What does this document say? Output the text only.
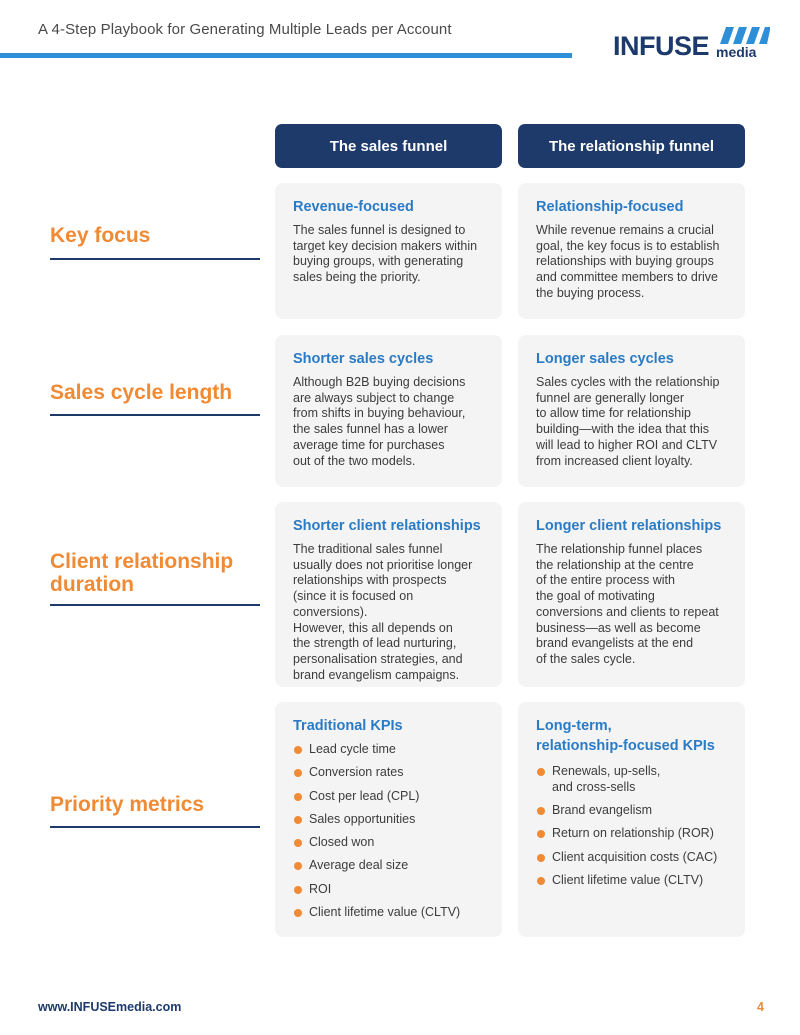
A 4-Step Playbook for Generating Multiple Leads per Account
INFUSE media
The sales funnel	The relationship funnel
Key focus
Revenue-focused
The sales funnel is designed to
target key decision makers within
buying groups, with generating
sales being the priority.
Relationship-focused
While revenue remains a crucial
goal, the key focus is to establish
relationships with buying groups
and committee members to drive
the buying process.
Sales cycle length
Shorter sales cycles
Although B2B buying decisions
are always subject to change
from shifts in buying behaviour,
the sales funnel has a lower
average time for purchases
out of the two models.
Longer sales cycles
Sales cycles with the relationship
funnel are generally longer
to allow time for relationship
building—with the idea that this
will lead to higher ROI and CLTV
from increased client loyalty.
Client relationship
duration
Shorter client relationships
The traditional sales funnel
usually does not prioritise longer
relationships with prospects
(since it is focused on conversions).
However, this all depends on
the strength of lead nurturing,
personalisation strategies, and
brand evangelism campaigns.
Longer client relationships
The relationship funnel places
the relationship at the centre
of the entire process with
the goal of motivating
conversions and clients to repeat
business—as well as become
brand evangelists at the end
of the sales cycle.
Priority metrics
Traditional KPIs
Lead cycle time
Conversion rates
Cost per lead (CPL)
Sales opportunities
Closed won
Average deal size
ROI
Client lifetime value (CLTV)
Long-term,
relationship-focused KPIs
Renewals, up-sells,
and cross-sells
Brand evangelism
Return on relationship (ROR)
Client acquisition costs (CAC)
Client lifetime value (CLTV)
www.INFUSEmedia.com	4
